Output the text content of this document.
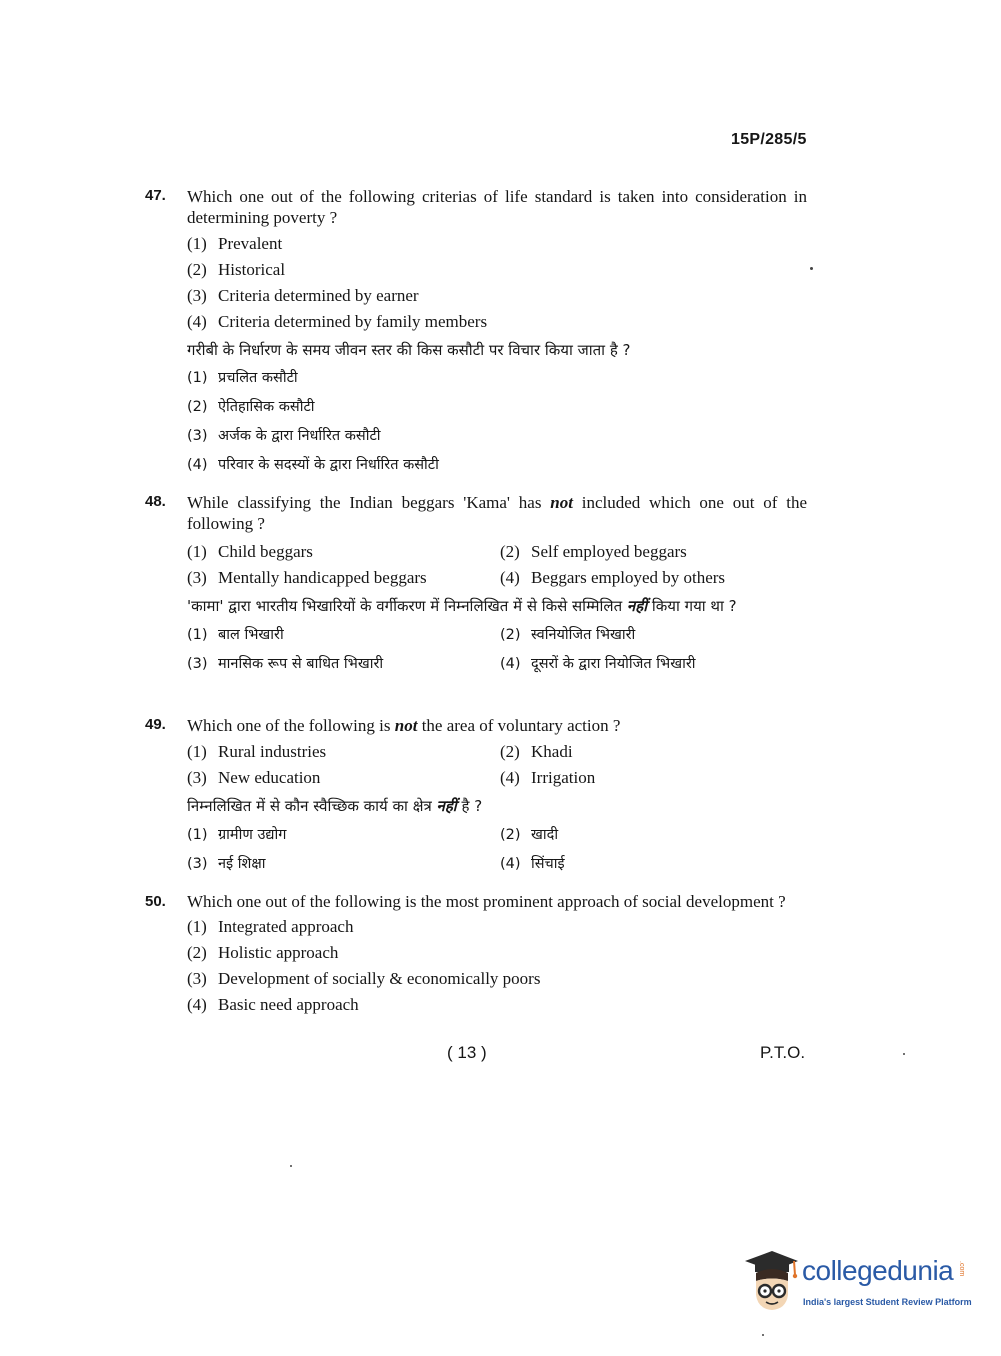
15P/285/5
47.	Which one out of the following criterias of life standard is taken into consideration in determining poverty ?
(1) Prevalent
(2) Historical
(3) Criteria determined by earner
(4) Criteria determined by family members
गरीबी के निर्धारण के समय जीवन स्तर की किस कसौटी पर विचार किया जाता है ?
(1) प्रचलित कसौटी
(2) ऐतिहासिक कसौटी
(3) अर्जक के द्वारा निर्धारित कसौटी
(4) परिवार के सदस्यों के द्वारा निर्धारित कसौटी
48.	While classifying the Indian beggars 'Kama' has not included which one out of the following ?
(1) Child beggars	(2) Self employed beggars
(3) Mentally handicapped beggars	(4) Beggars employed by others
'कामा' द्वारा भारतीय भिखारियों के वर्गीकरण में निम्नलिखित में से किसे सम्मिलित नहीं किया गया था ?
(1) बाल भिखारी	(2) स्वनियोजित भिखारी
(3) मानसिक रूप से बाधित भिखारी	(4) दूसरों के द्वारा नियोजित भिखारी
49.	Which one of the following is not the area of voluntary action ?
(1) Rural industries	(2) Khadi
(3) New education	(4) Irrigation
निम्नलिखित में से कौन स्वैच्छिक कार्य का क्षेत्र नहीं है ?
(1) ग्रामीण उद्योग	(2) खादी
(3) नई शिक्षा	(4) सिंचाई
50.	Which one out of the following is the most prominent approach of social development ?
(1) Integrated approach
(2) Holistic approach
(3) Development of socially & economically poors
(4) Basic need approach
( 13 )	P.T.O.
collegedunia .com
India's largest Student Review Platform
